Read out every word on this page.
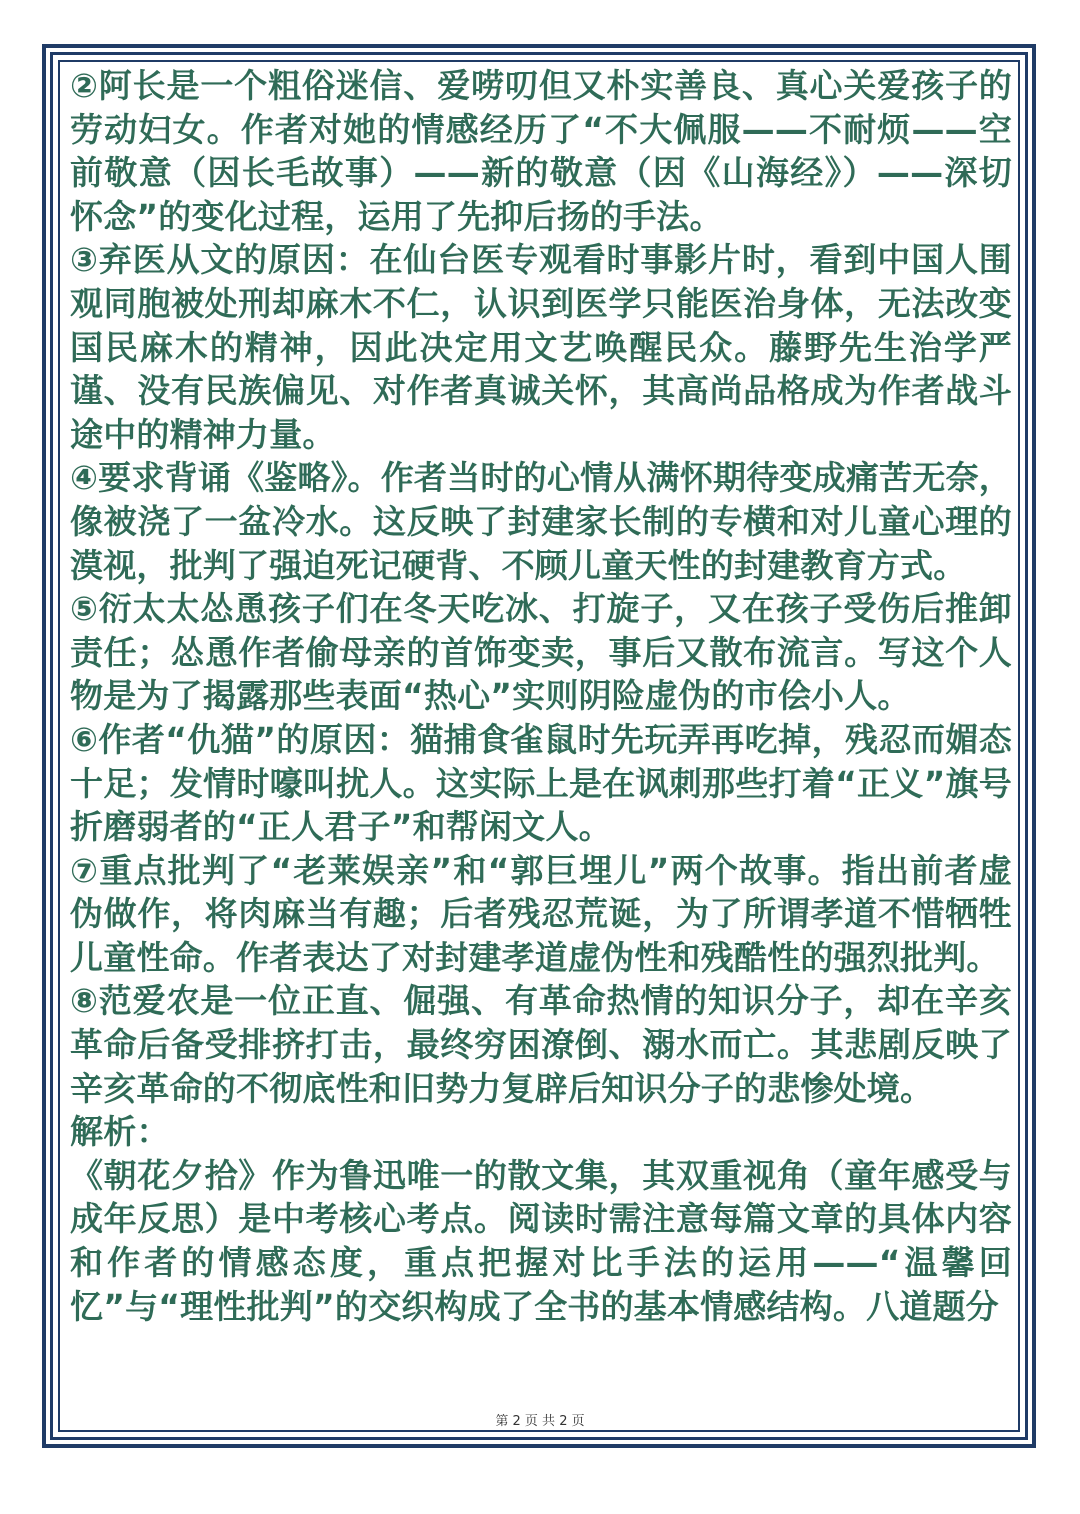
②阿长是一个粗俗迷信、爱唠叨但又朴实善良、真心关爱孩子的劳动妇女。作者对她的情感经历了“不大佩服——不耐烦——空前敬意（因长毛故事）——新的敬意（因《山海经》）——深切怀念”的变化过程，运用了先抑后扬的手法。

③弃医从文的原因：在仙台医专观看时事影片时，看到中国人围观同胞被处刑却麻木不仁，认识到医学只能医治身体，无法改变国民麻木的精神，因此决定用文艺唤醒民众。藤野先生治学严谨、没有民族偏见、对作者真诚关怀，其高尚品格成为作者战斗途中的精神力量。

④要求背诵《鉴略》。作者当时的心情从满怀期待变成痛苦无奈，像被浇了一盆冷水。这反映了封建家长制的专横和对儿童心理的漠视，批判了强迫死记硬背、不顾儿童天性的封建教育方式。

⑤衍太太怂恿孩子们在冬天吃冰、打旋子，又在孩子受伤后推卸责任；怂恿作者偷母亲的首饰变卖，事后又散布流言。写这个人物是为了揭露那些表面“热心”实则阴险虚伪的市侩小人。

⑥作者“仇猫”的原因：猫捕食雀鼠时先玩弄再吃掉，残忍而媚态十足；发情时嚎叫扰人。这实际上是在讽刺那些打着“正义”旗号折磨弱者的“正人君子”和帮闲文人。

⑦重点批判了“老莱娱亲”和“郭巨埋儿”两个故事。指出前者虚伪做作，将肉麻当有趣；后者残忍荒诞，为了所谓孝道不惜牺牲儿童性命。作者表达了对封建孝道虚伪性和残酷性的强烈批判。

⑧范爱农是一位正直、倔强、有革命热情的知识分子，却在辛亥革命后备受排挤打击，最终穷困潦倒、溺水而亡。其悲剧反映了辛亥革命的不彻底性和旧势力复辟后知识分子的悲惨处境。

解析：

《朝花夕拾》作为鲁迅唯一的散文集，其双重视角（童年感受与成年反思）是中考核心考点。阅读时需注意每篇文章的具体内容和作者的情感态度，重点把握对比手法的运用——“温馨回忆”与“理性批判”的交织构成了全书的基本情感结构。八道题分

第 2 页 共 2 页
